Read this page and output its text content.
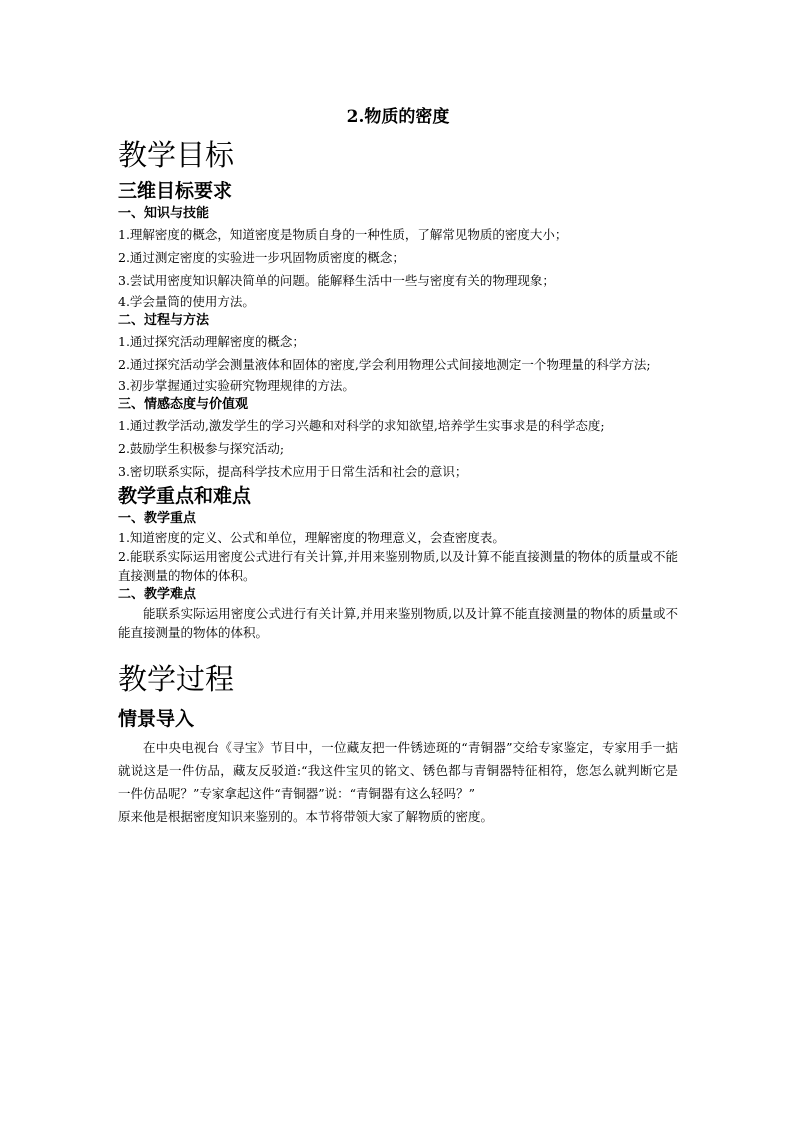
2.物质的密度
教学目标
三维目标要求
一、知识与技能
1.理解密度的概念，知道密度是物质自身的一种性质，了解常见物质的密度大小；
2.通过测定密度的实验进一步巩固物质密度的概念；
3.尝试用密度知识解决简单的问题。能解释生活中一些与密度有关的物理现象；
4.学会量筒的使用方法。
二、过程与方法
1.通过探究活动理解密度的概念；
2.通过探究活动学会测量液体和固体的密度,学会利用物理公式间接地测定一个物理量的科学方法;
3.初步掌握通过实验研究物理规律的方法。
三、情感态度与价值观
1.通过教学活动,激发学生的学习兴趣和对科学的求知欲望,培养学生实事求是的科学态度;
2.鼓励学生积极参与探究活动;
3.密切联系实际，提高科学技术应用于日常生活和社会的意识；
教学重点和难点
一、教学重点
1.知道密度的定义、公式和单位，理解密度的物理意义，会查密度表。
2.能联系实际运用密度公式进行有关计算,并用来鉴别物质,以及计算不能直接测量的物体的质量或不能直接测量的物体的体积。
二、教学难点
能联系实际运用密度公式进行有关计算,并用来鉴别物质,以及计算不能直接测量的物体的质量或不能直接测量的物体的体积。
教学过程
情景导入
在中央电视台《寻宝》节目中，一位藏友把一件锈迹斑的“青铜器”交给专家鉴定，专家用手一掂就说这是一件仿品，藏友反驳道:“我这件宝贝的铭文、锈色都与青铜器特征相符，您怎么就判断它是一件仿品呢？”专家拿起这件“青铜器”说：“青铜器有这么轻吗？”
原来他是根据密度知识来鉴别的。本节将带领大家了解物质的密度。
